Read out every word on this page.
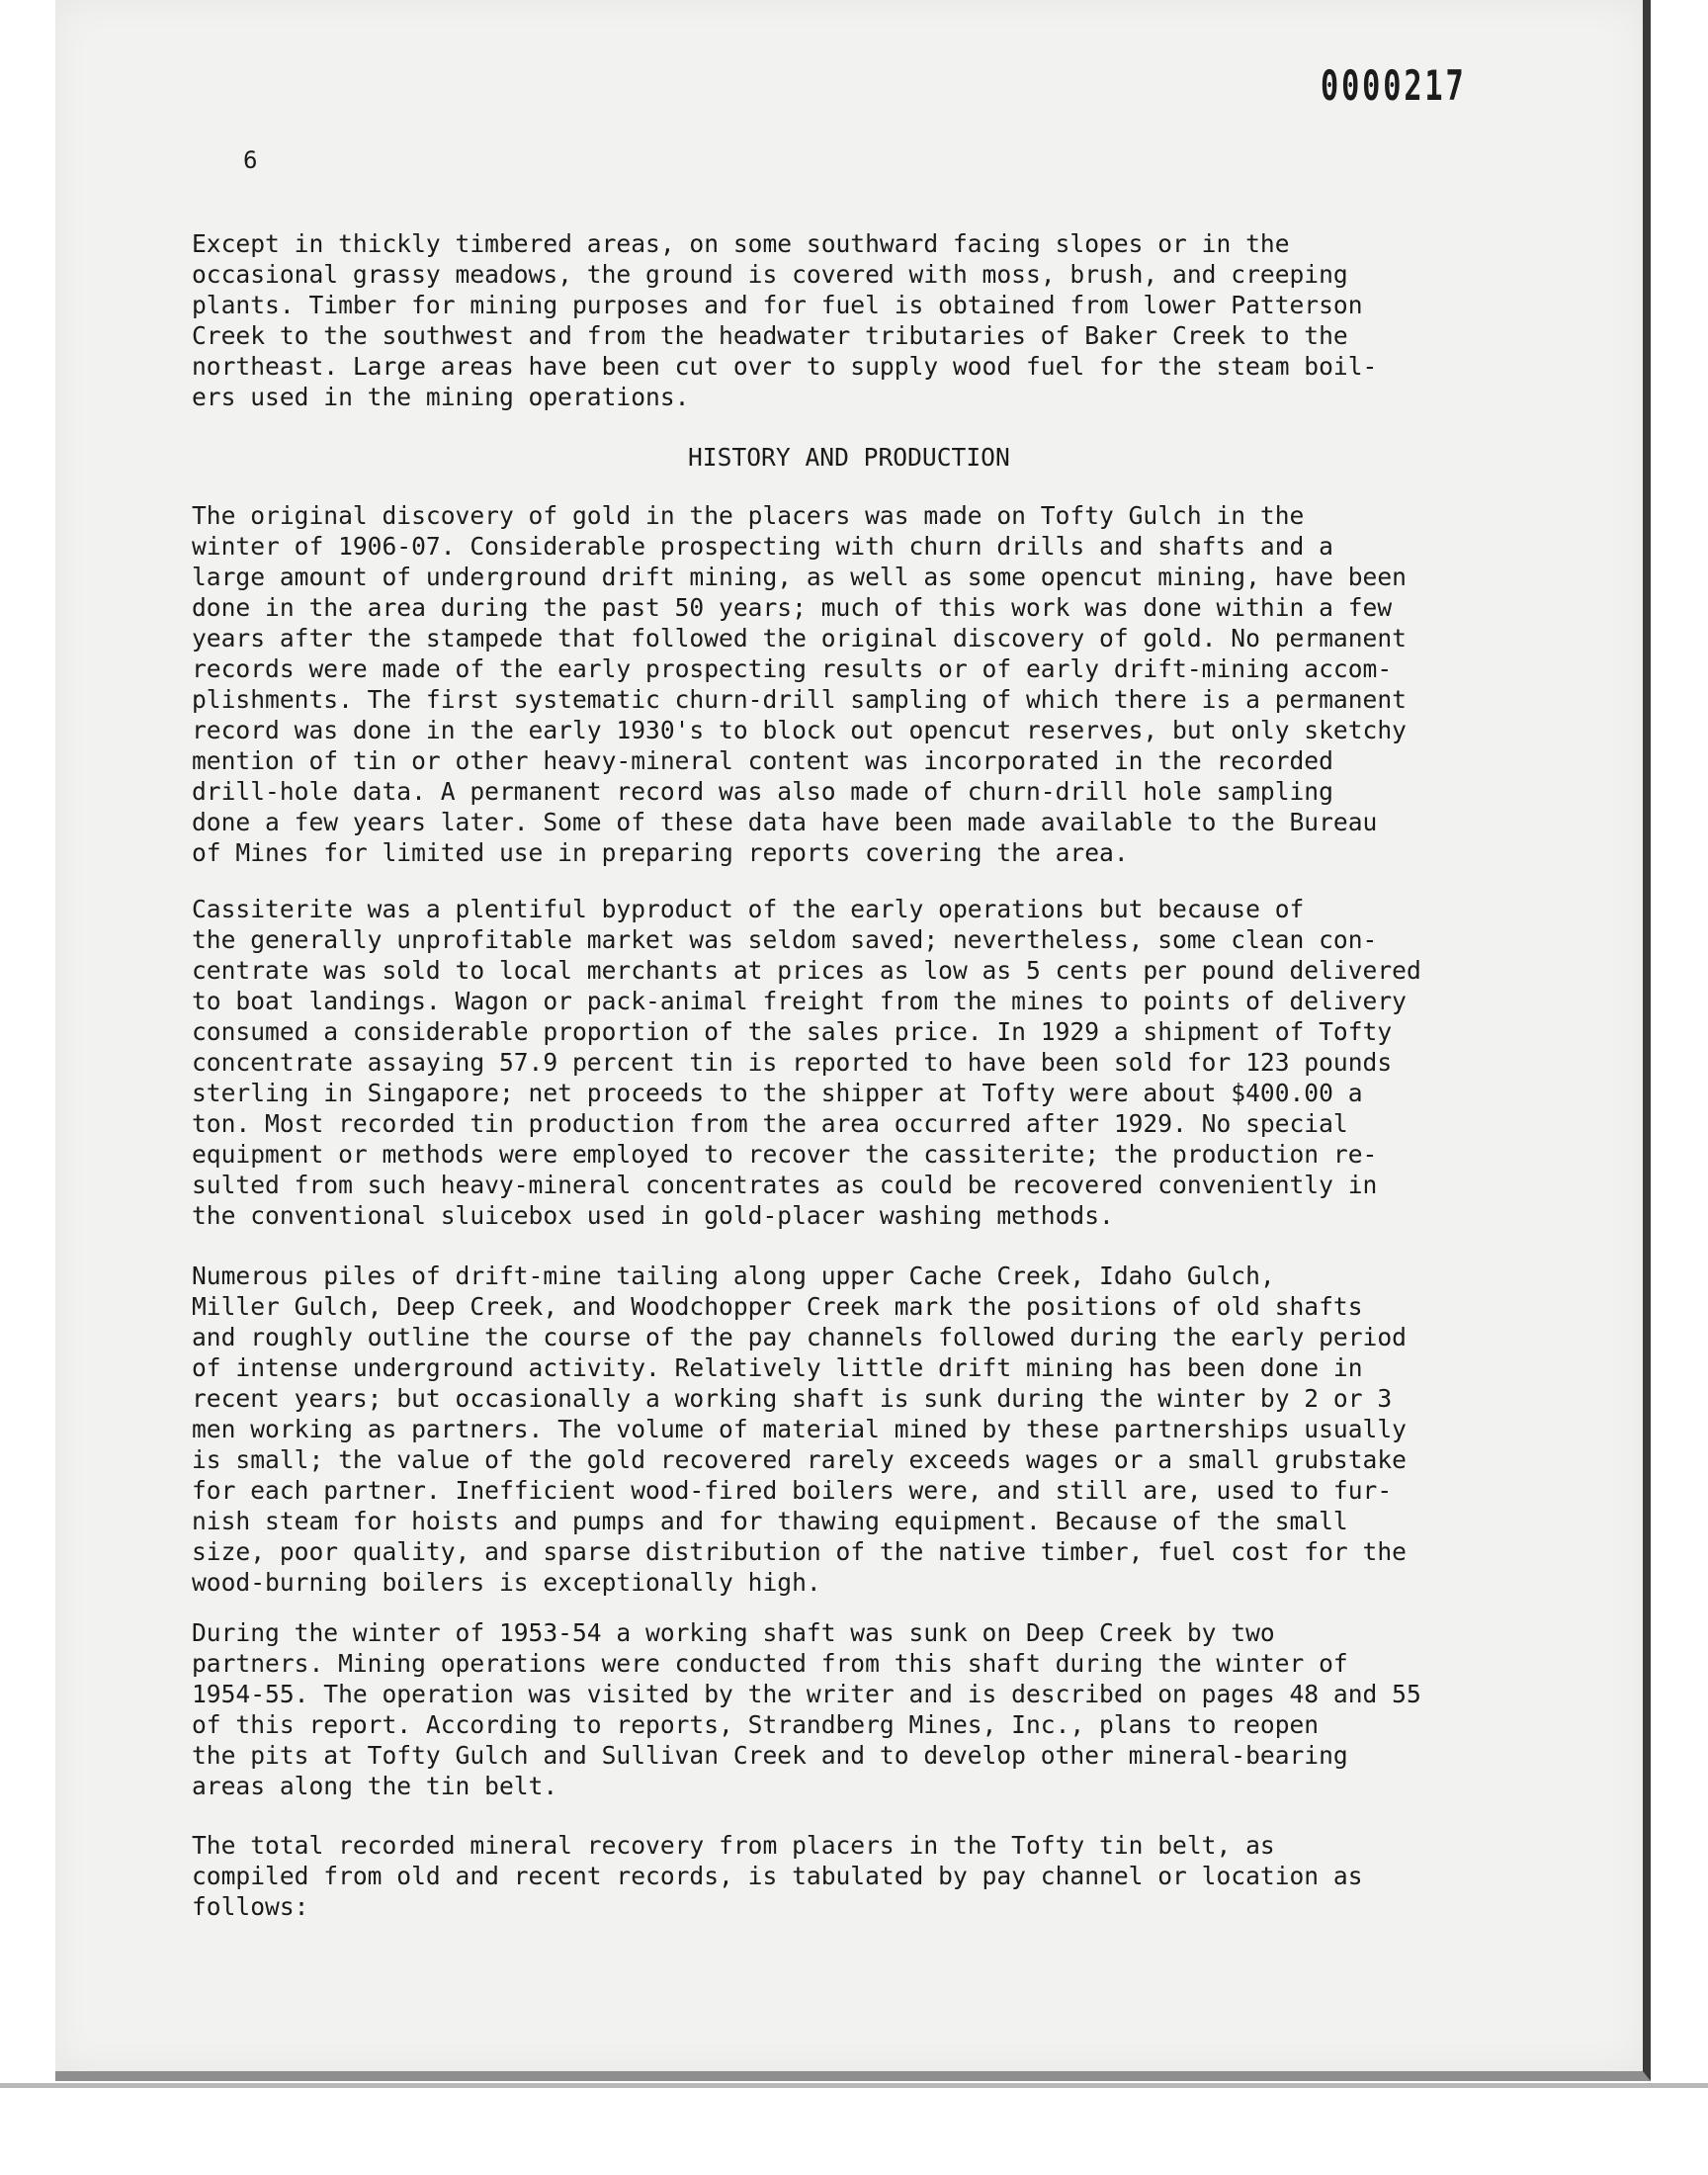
0000217
6

Except in thickly timbered areas, on some southward facing slopes or in the
occasional grassy meadows, the ground is covered with moss, brush, and creeping
plants. Timber for mining purposes and for fuel is obtained from lower Patterson
Creek to the southwest and from the headwater tributaries of Baker Creek to the
northeast. Large areas have been cut over to supply wood fuel for the steam boil-
ers used in the mining operations.

HISTORY AND PRODUCTION

The original discovery of gold in the placers was made on Tofty Gulch in the
winter of 1906-07. Considerable prospecting with churn drills and shafts and a
large amount of underground drift mining, as well as some opencut mining, have been
done in the area during the past 50 years; much of this work was done within a few
years after the stampede that followed the original discovery of gold. No permanent
records were made of the early prospecting results or of early drift-mining accom-
plishments. The first systematic churn-drill sampling of which there is a permanent
record was done in the early 1930's to block out opencut reserves, but only sketchy
mention of tin or other heavy-mineral content was incorporated in the recorded
drill-hole data. A permanent record was also made of churn-drill hole sampling
done a few years later. Some of these data have been made available to the Bureau
of Mines for limited use in preparing reports covering the area.

Cassiterite was a plentiful byproduct of the early operations but because of
the generally unprofitable market was seldom saved; nevertheless, some clean con-
centrate was sold to local merchants at prices as low as 5 cents per pound delivered
to boat landings. Wagon or pack-animal freight from the mines to points of delivery
consumed a considerable proportion of the sales price. In 1929 a shipment of Tofty
concentrate assaying 57.9 percent tin is reported to have been sold for 123 pounds
sterling in Singapore; net proceeds to the shipper at Tofty were about $400.00 a
ton. Most recorded tin production from the area occurred after 1929. No special
equipment or methods were employed to recover the cassiterite; the production re-
sulted from such heavy-mineral concentrates as could be recovered conveniently in
the conventional sluicebox used in gold-placer washing methods.

Numerous piles of drift-mine tailing along upper Cache Creek, Idaho Gulch,
Miller Gulch, Deep Creek, and Woodchopper Creek mark the positions of old shafts
and roughly outline the course of the pay channels followed during the early period
of intense underground activity. Relatively little drift mining has been done in
recent years; but occasionally a working shaft is sunk during the winter by 2 or 3
men working as partners. The volume of material mined by these partnerships usually
is small; the value of the gold recovered rarely exceeds wages or a small grubstake
for each partner. Inefficient wood-fired boilers were, and still are, used to fur-
nish steam for hoists and pumps and for thawing equipment. Because of the small
size, poor quality, and sparse distribution of the native timber, fuel cost for the
wood-burning boilers is exceptionally high.

During the winter of 1953-54 a working shaft was sunk on Deep Creek by two
partners. Mining operations were conducted from this shaft during the winter of
1954-55. The operation was visited by the writer and is described on pages 48 and 55
of this report. According to reports, Strandberg Mines, Inc., plans to reopen
the pits at Tofty Gulch and Sullivan Creek and to develop other mineral-bearing
areas along the tin belt.

The total recorded mineral recovery from placers in the Tofty tin belt, as
compiled from old and recent records, is tabulated by pay channel or location as
follows:
